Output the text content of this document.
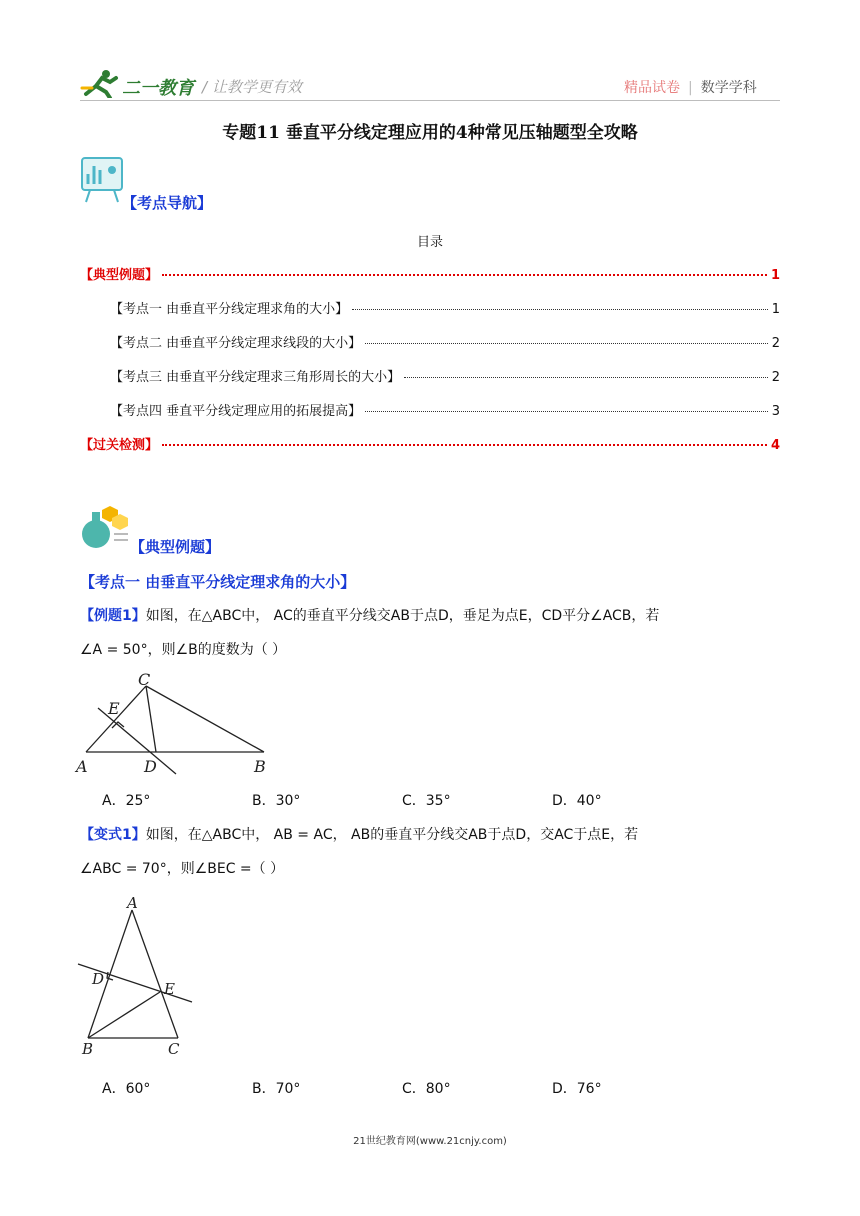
二一教育 / 让教学更有效	精品试卷 | 数学学科
专题11 垂直平分线定理应用的4种常见压轴题型全攻略
【考点导航】
目录
【典型例题】	1
【考点一 由垂直平分线定理求角的大小】	1
【考点二 由垂直平分线定理求线段的大小】	2
【考点三 由垂直平分线定理求三角形周长的大小】	2
【考点四 垂直平分线定理应用的拓展提高】	3
【过关检测】	4
【典型例题】
【考点一 由垂直平分线定理求角的大小】
【例题1】如图，在△ABC中， AC的垂直平分线交AB于点D，垂足为点E，CD平分∠ACB，若
∠A = 50°，则∠B的度数为（ ）
C
E
A	D	B
A．25°	B．30°	C．35°	D．40°
【变式1】如图，在△ABC中， AB = AC， AB的垂直平分线交AB于点D，交AC于点E，若
∠ABC = 70°，则∠BEC =（ ）
A
D
E
B	C
A．60°	B．70°	C．80°	D．76°
21世纪教育网(www.21cnjy.com)
